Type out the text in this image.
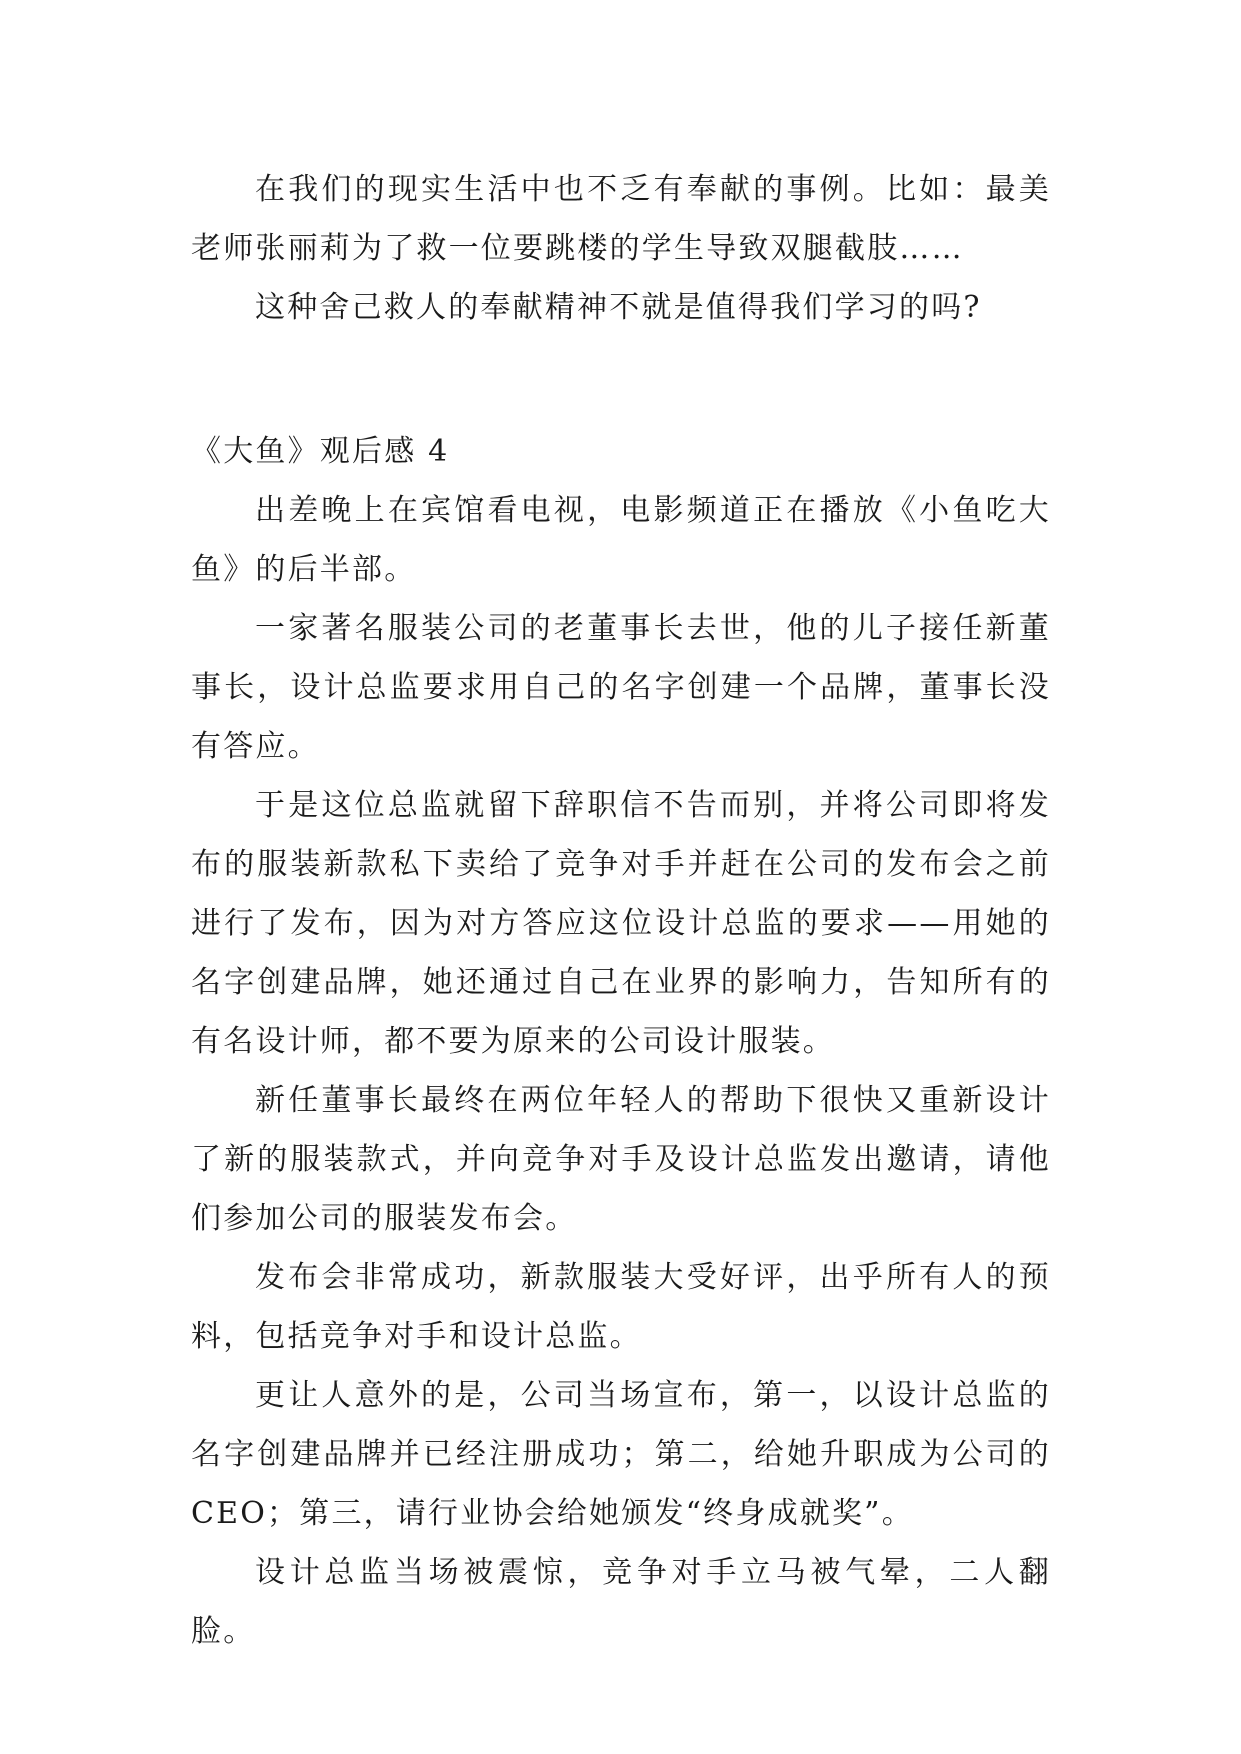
在我们的现实生活中也不乏有奉献的事例。比如：最美老师张丽莉为了救一位要跳楼的学生导致双腿截肢……

这种舍己救人的奉献精神不就是值得我们学习的吗?

《大鱼》观后感 4

出差晚上在宾馆看电视，电影频道正在播放《小鱼吃大鱼》的后半部。

一家著名服装公司的老董事长去世，他的儿子接任新董事长，设计总监要求用自己的名字创建一个品牌，董事长没有答应。

于是这位总监就留下辞职信不告而别，并将公司即将发布的服装新款私下卖给了竞争对手并赶在公司的发布会之前进行了发布，因为对方答应这位设计总监的要求——用她的名字创建品牌，她还通过自己在业界的影响力，告知所有的有名设计师，都不要为原来的公司设计服装。

新任董事长最终在两位年轻人的帮助下很快又重新设计了新的服装款式，并向竞争对手及设计总监发出邀请，请他们参加公司的服装发布会。

发布会非常成功，新款服装大受好评，出乎所有人的预料，包括竞争对手和设计总监。

更让人意外的是，公司当场宣布，第一，以设计总监的名字创建品牌并已经注册成功；第二，给她升职成为公司的CEO；第三，请行业协会给她颁发“终身成就奖”。

设计总监当场被震惊，竞争对手立马被气晕，二人翻脸。
